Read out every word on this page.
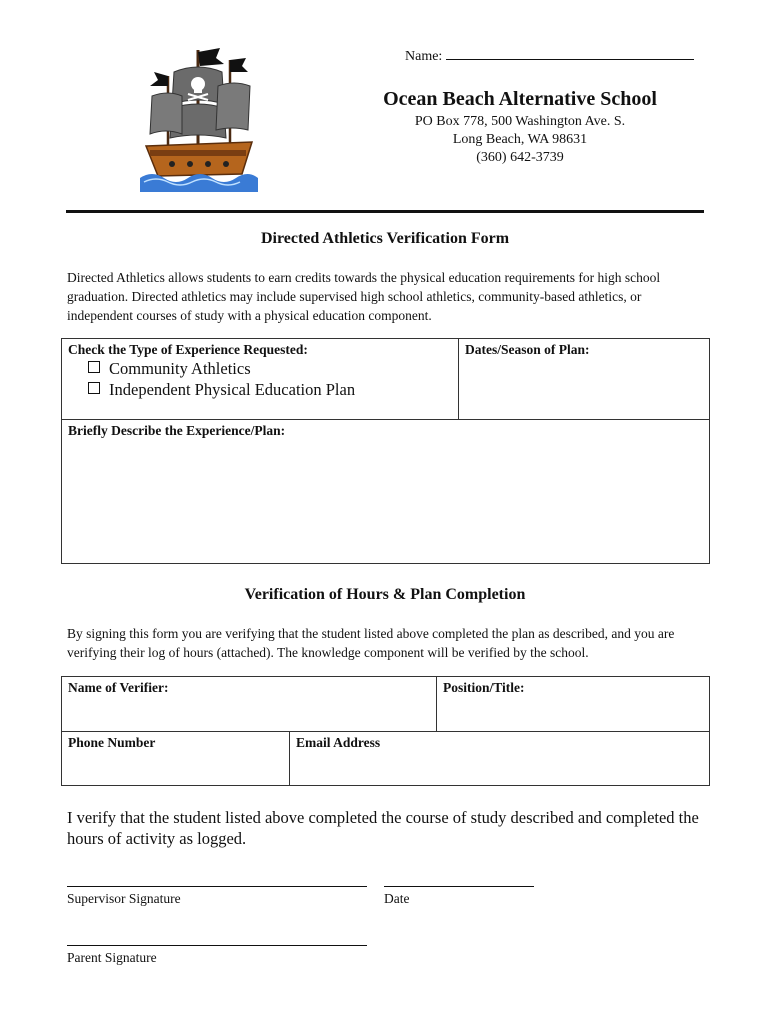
Name:
Ocean Beach Alternative School
PO Box 778, 500 Washington Ave. S.
Long Beach, WA 98631
(360) 642-3739
Directed Athletics Verification Form
Directed Athletics allows students to earn credits towards the physical education requirements for high school graduation. Directed athletics may include supervised high school athletics, community-based athletics, or independent courses of study with a physical education component.
Check the Type of Experience Requested:
Community Athletics
Independent Physical Education Plan
Dates/Season of Plan:
Briefly Describe the Experience/Plan:
Verification of Hours & Plan Completion
By signing this form you are verifying that the student listed above completed the plan as described, and you are verifying their log of hours (attached). The knowledge component will be verified by the school.
Name of Verifier:	Position/Title:
Phone Number	Email Address
I verify that the student listed above completed the course of study described and completed the hours of activity as logged.
Supervisor Signature	Date
Parent Signature
